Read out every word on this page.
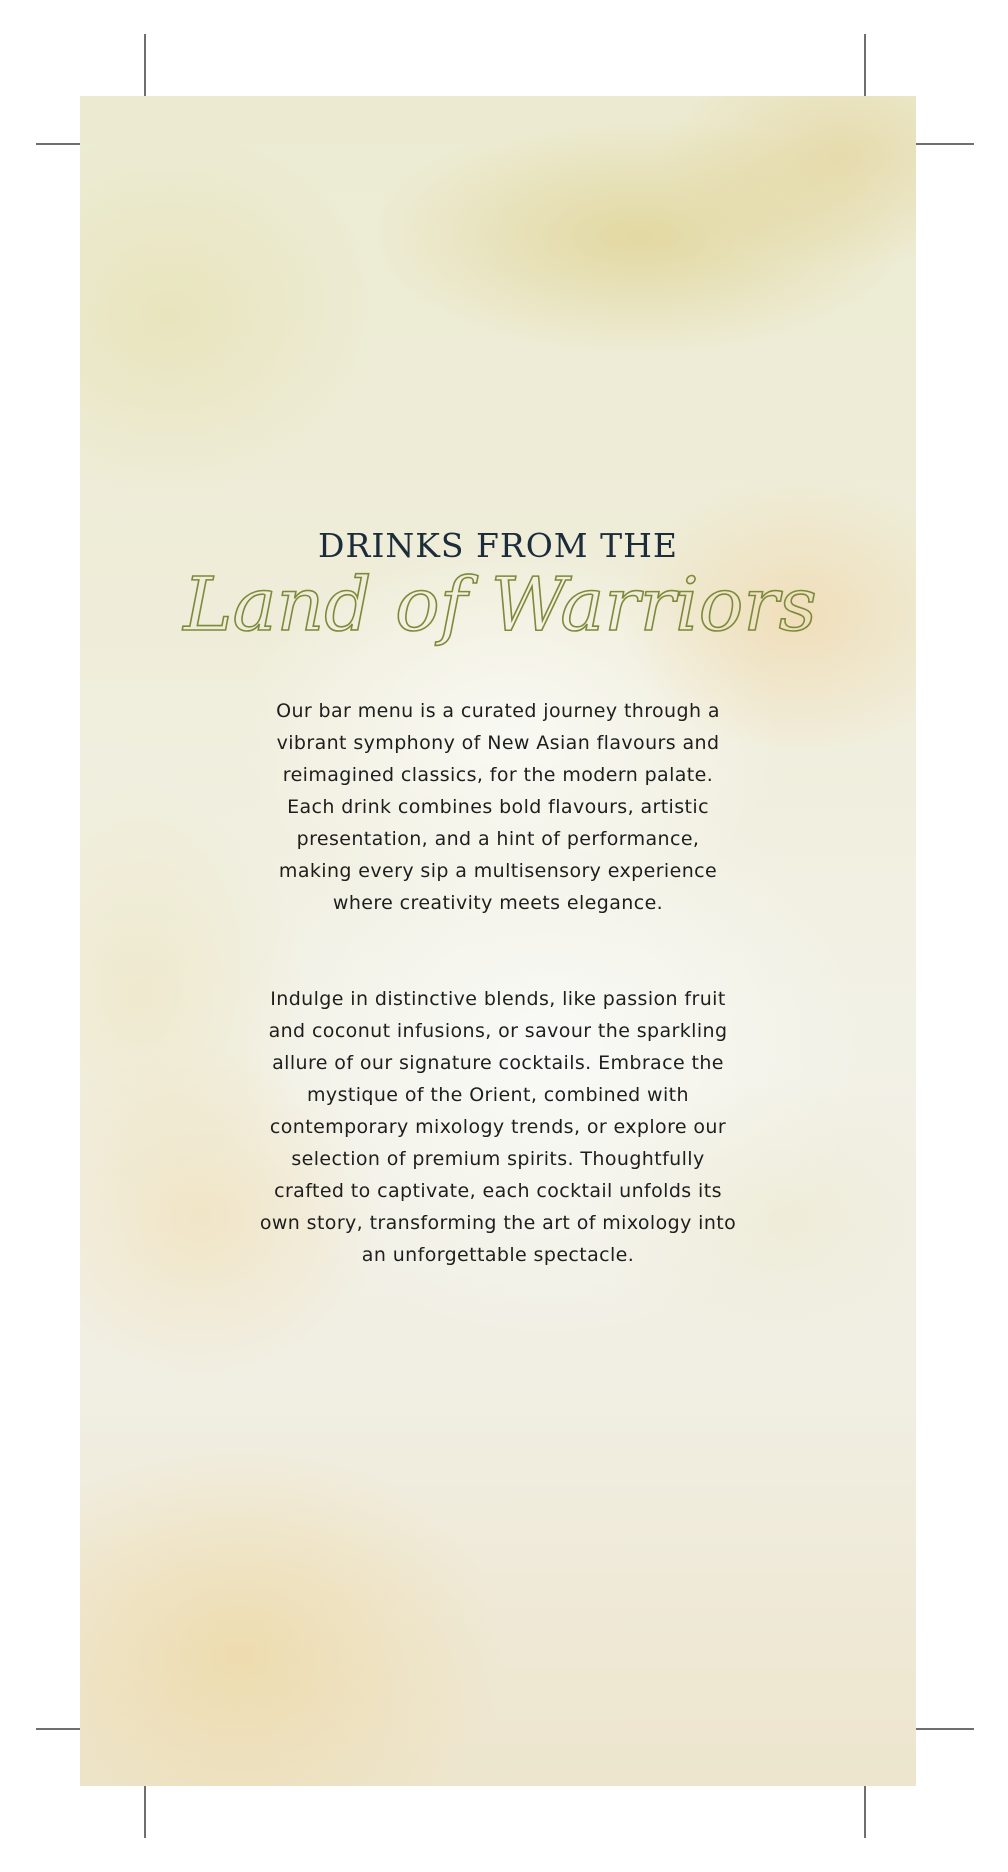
DRINKS FROM THE
Land of Warriors

Our bar menu is a curated journey through a vibrant symphony of New Asian flavours and reimagined classics, for the modern palate. Each drink combines bold flavours, artistic presentation, and a hint of performance, making every sip a multisensory experience where creativity meets elegance.

Indulge in distinctive blends, like passion fruit and coconut infusions, or savour the sparkling allure of our signature cocktails. Embrace the mystique of the Orient, combined with contemporary mixology trends, or explore our selection of premium spirits. Thoughtfully crafted to captivate, each cocktail unfolds its own story, transforming the art of mixology into an unforgettable spectacle.
